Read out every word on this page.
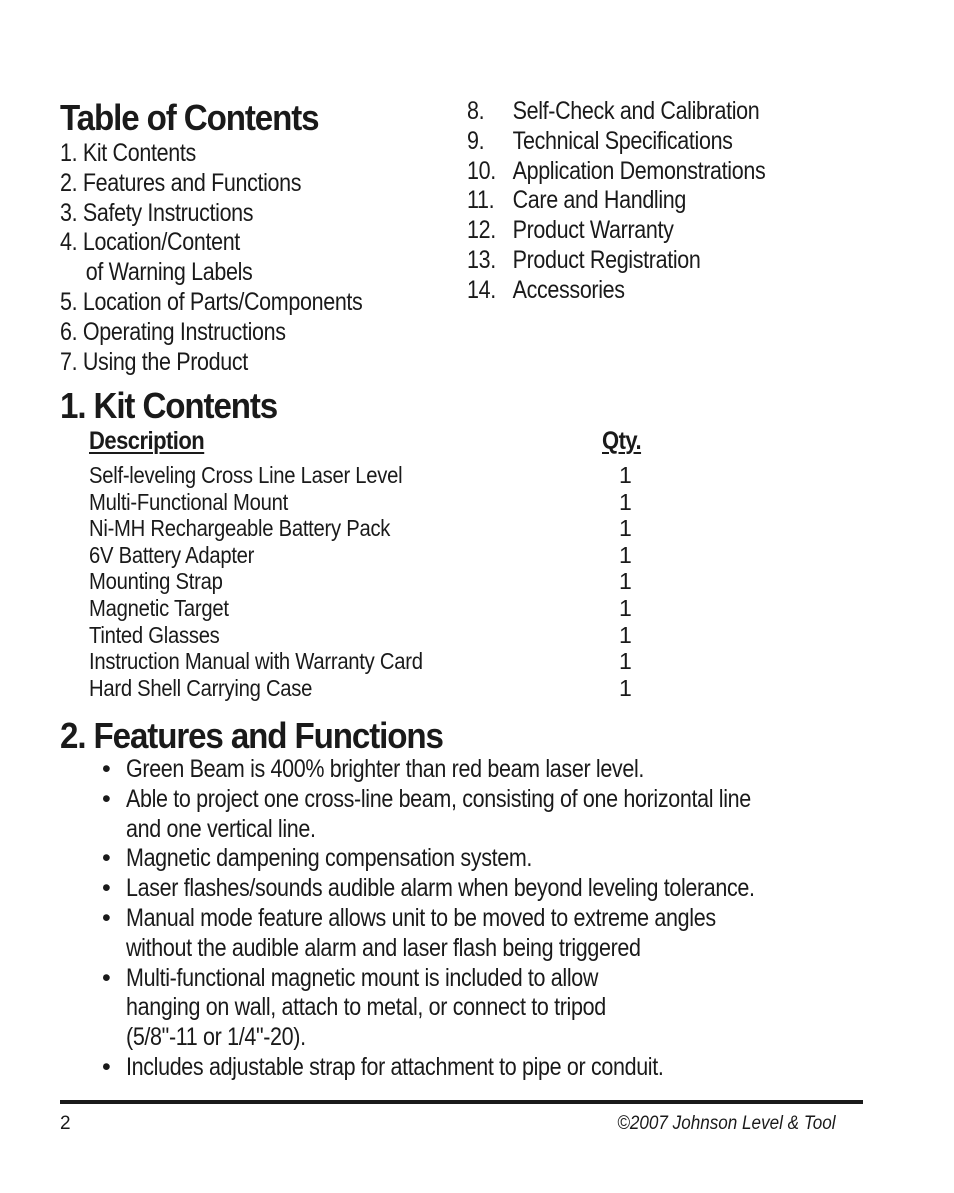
Table of Contents
1. Kit Contents
2. Features and Functions
3. Safety Instructions
4. Location/Content
of Warning Labels
5. Location of Parts/Components
6. Operating Instructions
7. Using the Product
8. Self-Check and Calibration
9. Technical Specifications
10. Application Demonstrations
11. Care and Handling
12. Product Warranty
13. Product Registration
14. Accessories
1. Kit Contents
Description	Qty.
Self-leveling Cross Line Laser Level	1
Multi-Functional Mount	1
Ni-MH Rechargeable Battery Pack	1
6V Battery Adapter	1
Mounting Strap	1
Magnetic Target	1
Tinted Glasses	1
Instruction Manual with Warranty Card	1
Hard Shell Carrying Case	1
2. Features and Functions
• Green Beam is 400% brighter than red beam laser level.
• Able to project one cross-line beam, consisting of one horizontal line
and one vertical line.
• Magnetic dampening compensation system.
• Laser flashes/sounds audible alarm when beyond leveling tolerance.
• Manual mode feature allows unit to be moved to extreme angles
without the audible alarm and laser flash being triggered
• Multi-functional magnetic mount is included to allow
hanging on wall, attach to metal, or connect to tripod
(5/8"-11 or 1/4"-20).
• Includes adjustable strap for attachment to pipe or conduit.
2	©2007 Johnson Level & Tool
